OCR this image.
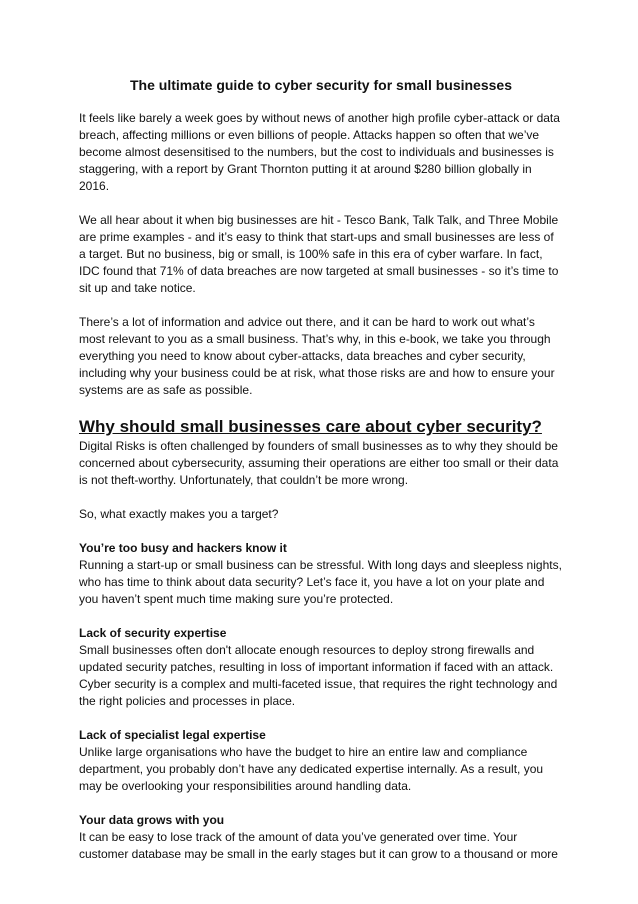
The ultimate guide to cyber security for small businesses

It feels like barely a week goes by without news of another high profile cyber-attack or data breach, affecting millions or even billions of people. Attacks happen so often that we’ve become almost desensitised to the numbers, but the cost to individuals and businesses is staggering, with a report by Grant Thornton putting it at around $280 billion globally in 2016.

We all hear about it when big businesses are hit - Tesco Bank, Talk Talk, and Three Mobile are prime examples - and it’s easy to think that start-ups and small businesses are less of a target. But no business, big or small, is 100% safe in this era of cyber warfare. In fact, IDC found that 71% of data breaches are now targeted at small businesses - so it’s time to sit up and take notice.

There’s a lot of information and advice out there, and it can be hard to work out what’s most relevant to you as a small business. That’s why, in this e-book, we take you through everything you need to know about cyber-attacks, data breaches and cyber security, including why your business could be at risk, what those risks are and how to ensure your systems are as safe as possible.

Why should small businesses care about cyber security?

Digital Risks is often challenged by founders of small businesses as to why they should be concerned about cybersecurity, assuming their operations are either too small or their data is not theft-worthy. Unfortunately, that couldn’t be more wrong.

So, what exactly makes you a target?

You’re too busy and hackers know it

Running a start-up or small business can be stressful. With long days and sleepless nights, who has time to think about data security? Let’s face it, you have a lot on your plate and you haven’t spent much time making sure you’re protected.

Lack of security expertise

Small businesses often don't allocate enough resources to deploy strong firewalls and updated security patches, resulting in loss of important information if faced with an attack. Cyber security is a complex and multi-faceted issue, that requires the right technology and the right policies and processes in place.

Lack of specialist legal expertise

Unlike large organisations who have the budget to hire an entire law and compliance department, you probably don’t have any dedicated expertise internally. As a result, you may be overlooking your responsibilities around handling data.

Your data grows with you

It can be easy to lose track of the amount of data you’ve generated over time. Your customer database may be small in the early stages but it can grow to a thousand or more
